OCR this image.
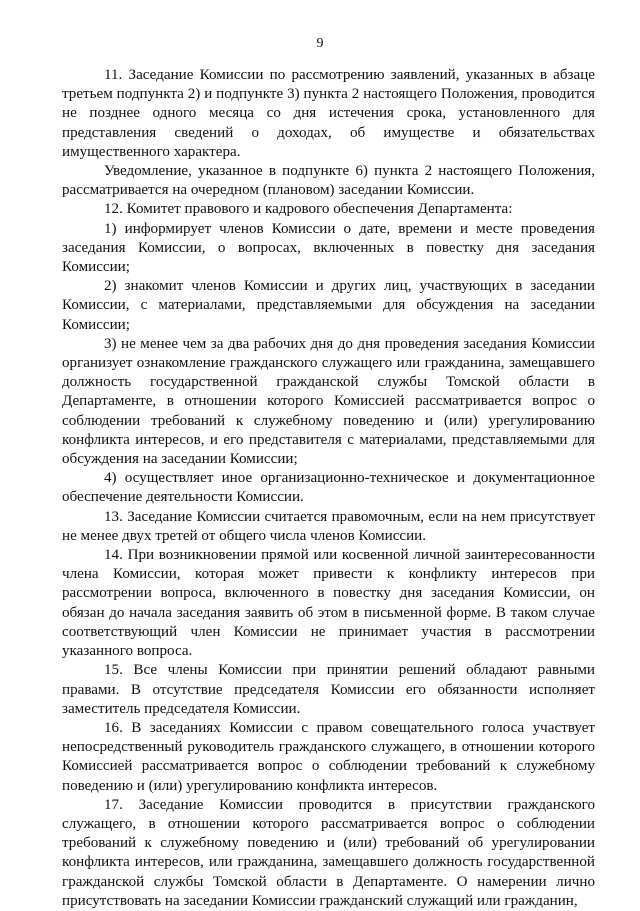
9

11. Заседание Комиссии по рассмотрению заявлений, указанных в абзаце третьем подпункта 2) и подпункте 3) пункта 2 настоящего Положения, проводится не позднее одного месяца со дня истечения срока, установленного для представления сведений о доходах, об имуществе и обязательствах имущественного характера.

Уведомление, указанное в подпункте 6) пункта 2 настоящего Положения, рассматривается на очередном (плановом) заседании Комиссии.

12. Комитет правового и кадрового обеспечения Департамента:

1) информирует членов Комиссии о дате, времени и месте проведения заседания Комиссии, о вопросах, включенных в повестку дня заседания Комиссии;

2) знакомит членов Комиссии и других лиц, участвующих в заседании Комиссии, с материалами, представляемыми для обсуждения на заседании Комиссии;

3) не менее чем за два рабочих дня до дня проведения заседания Комиссии организует ознакомление гражданского служащего или гражданина, замещавшего должность государственной гражданской службы Томской области в Департаменте, в отношении которого Комиссией рассматривается вопрос о соблюдении требований к служебному поведению и (или) урегулированию конфликта интересов, и его представителя с материалами, представляемыми для обсуждения на заседании Комиссии;

4) осуществляет иное организационно-техническое и документационное обеспечение деятельности Комиссии.

13. Заседание Комиссии считается правомочным, если на нем присутствует не менее двух третей от общего числа членов Комиссии.

14. При возникновении прямой или косвенной личной заинтересованности члена Комиссии, которая может привести к конфликту интересов при рассмотрении вопроса, включенного в повестку дня заседания Комиссии, он обязан до начала заседания заявить об этом в письменной форме. В таком случае соответствующий член Комиссии не принимает участия в рассмотрении указанного вопроса.

15. Все члены Комиссии при принятии решений обладают равными правами. В отсутствие председателя Комиссии его обязанности исполняет заместитель председателя Комиссии.

16. В заседаниях Комиссии с правом совещательного голоса участвует непосредственный руководитель гражданского служащего, в отношении которого Комиссией рассматривается вопрос о соблюдении требований к служебному поведению и (или) урегулированию конфликта интересов.

17. Заседание Комиссии проводится в присутствии гражданского служащего, в отношении которого рассматривается вопрос о соблюдении требований к служебному поведению и (или) требований об урегулировании конфликта интересов, или гражданина, замещавшего должность государственной гражданской службы Томской области в Департаменте. О намерении лично присутствовать на заседании Комиссии гражданский служащий или гражданин,
